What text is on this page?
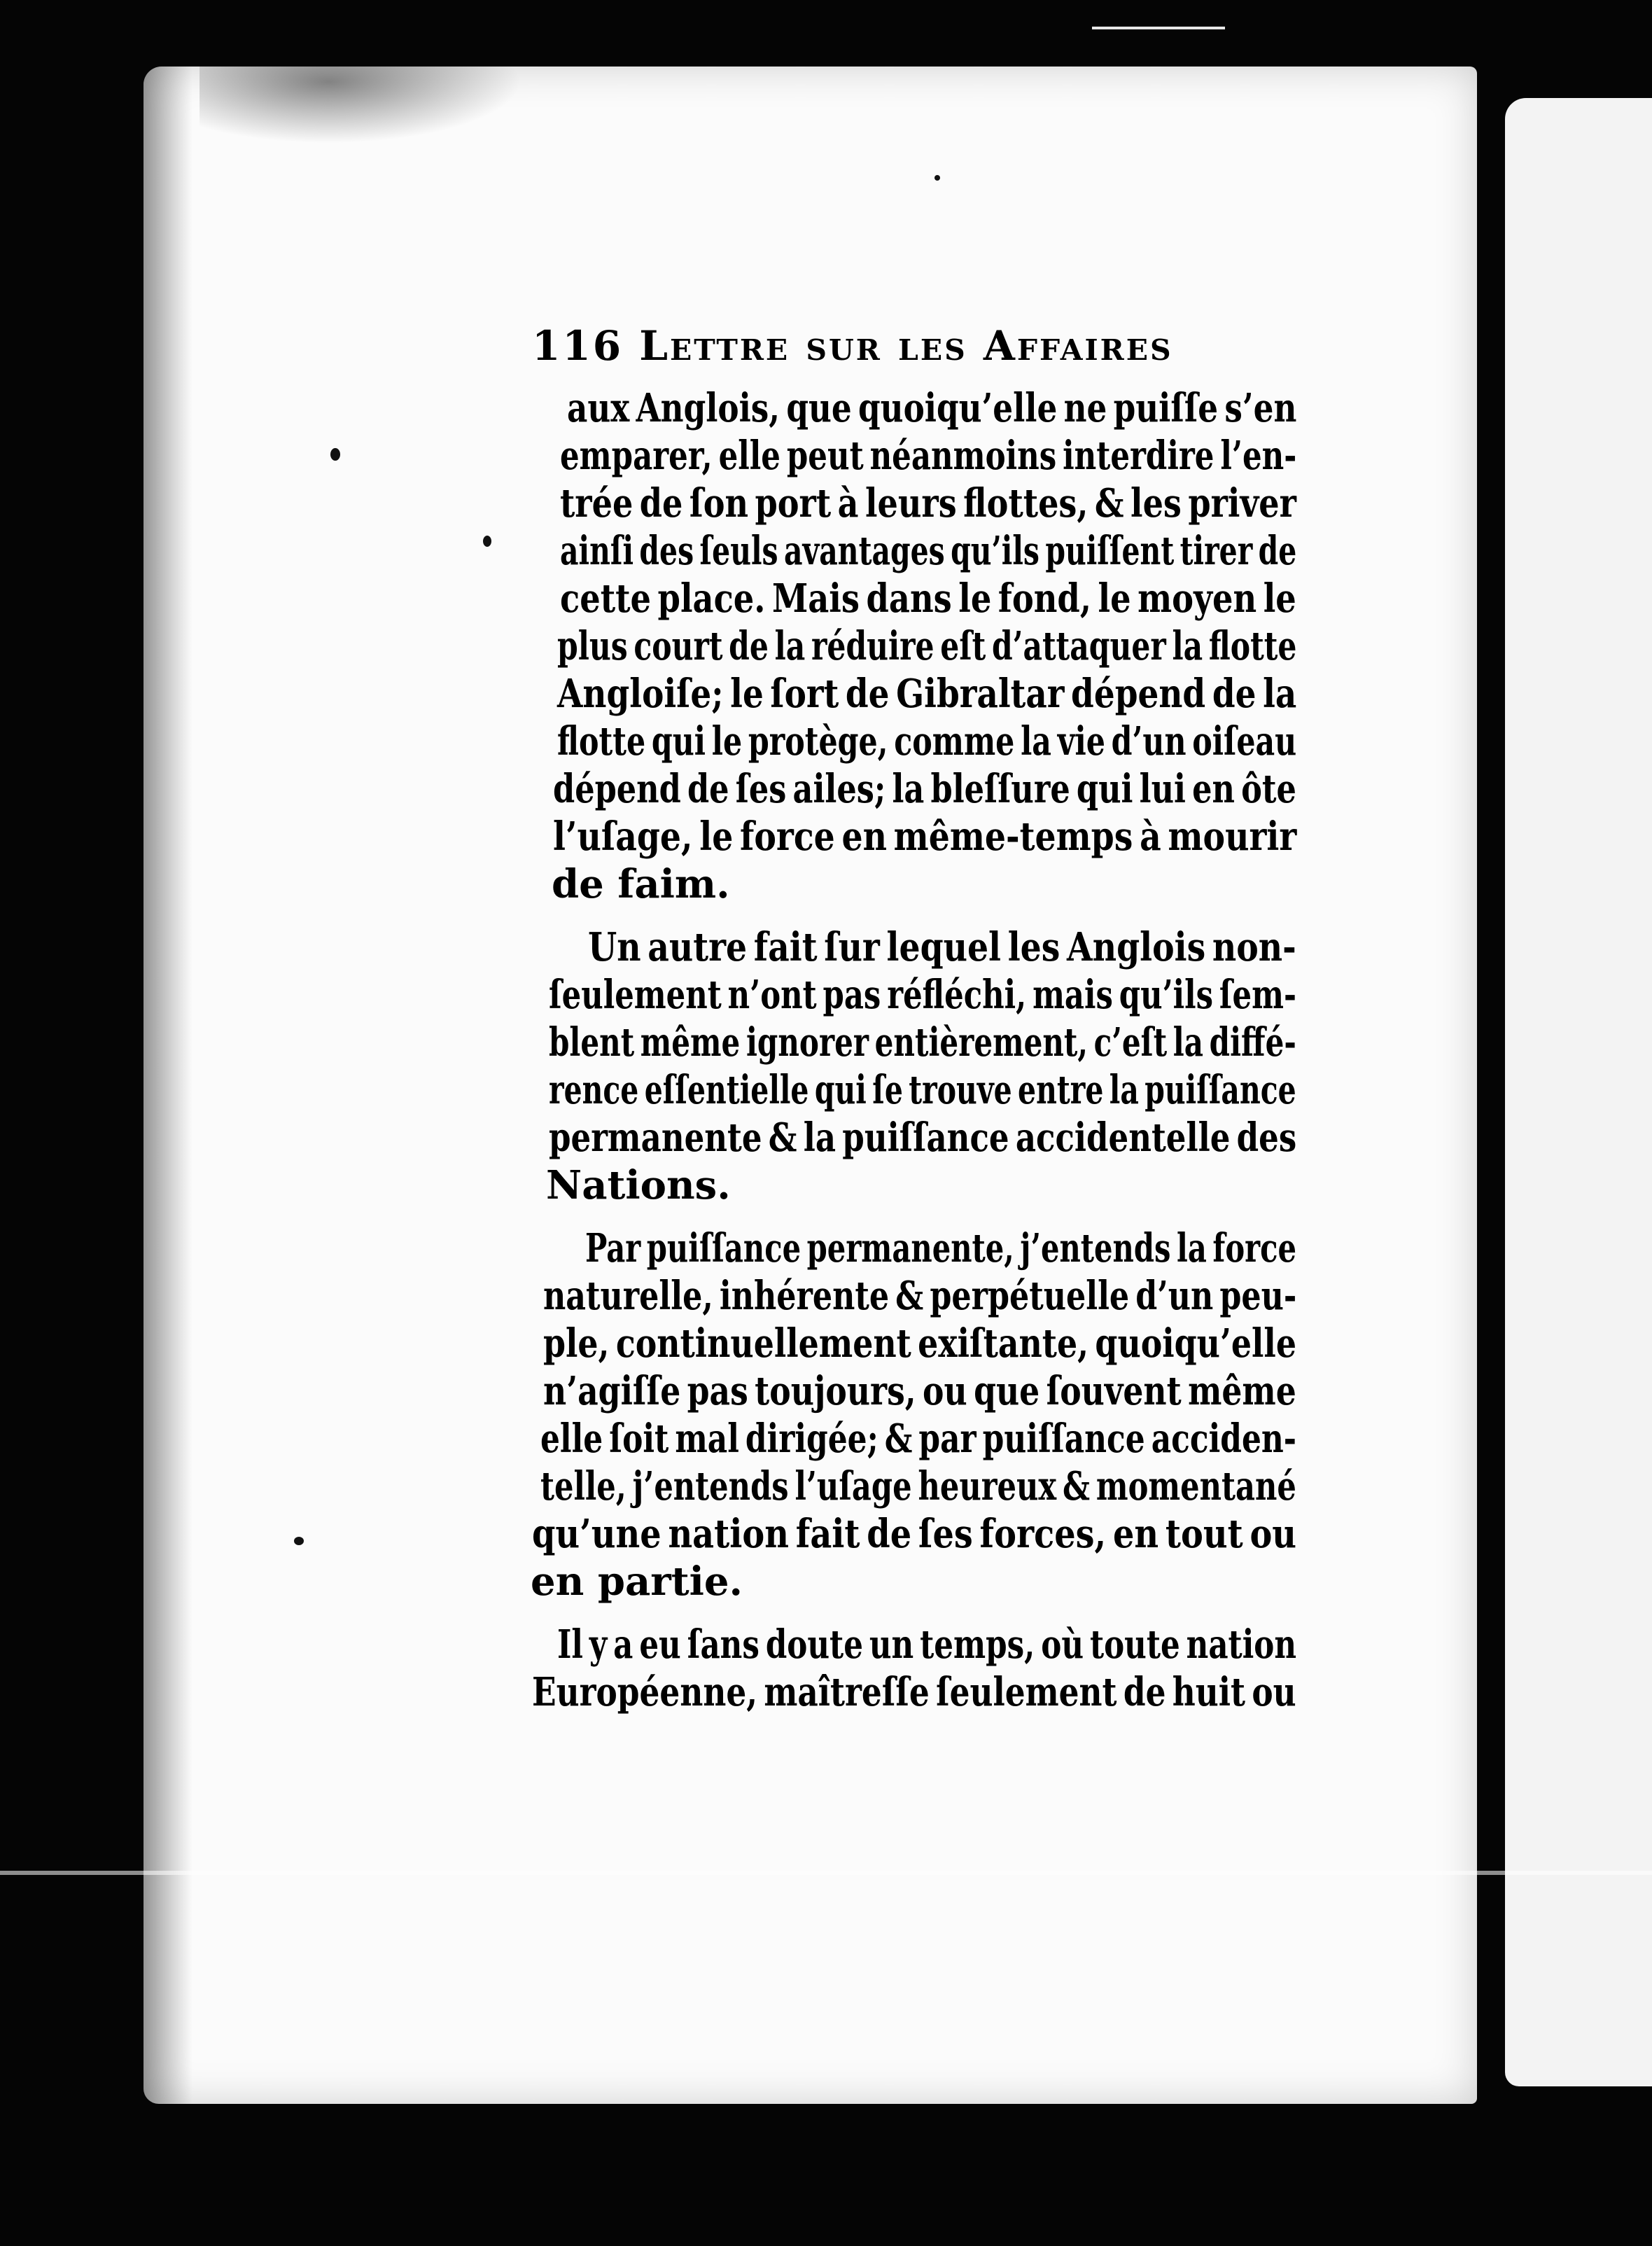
116 Lettre sur les Affaires
aux Anglois, que quoiqu’elle ne puiſſe s’en
emparer, elle peut néanmoins interdire l’en-
trée de ſon port à leurs flottes, & les priver
ainſi des ſeuls avantages qu’ils puiſſent tirer de
cette place. Mais dans le fond, le moyen le
plus court de la réduire eſt d’attaquer la flotte
Angloiſe; le ſort de Gibraltar dépend de la
flotte qui le protège, comme la vie d’un oiſeau
dépend de ſes ailes; la bleſſure qui lui en ôte
l’uſage, le force en même-temps à mourir
de faim.
Un autre fait ſur lequel les Anglois non-
ſeulement n’ont pas réfléchi, mais qu’ils ſem-
blent même ignorer entièrement, c’eſt la diffé-
rence eſſentielle qui ſe trouve entre la puiſſance
permanente & la puiſſance accidentelle des
Nations.
Par puiſſance permanente, j’entends la force
naturelle, inhérente & perpétuelle d’un peu-
ple, continuellement exiſtante, quoiqu’elle
n’agiſſe pas toujours, ou que ſouvent même
elle ſoit mal dirigée; & par puiſſance acciden-
telle, j’entends l’uſage heureux & momentané
qu’une nation fait de ſes forces, en tout ou
en partie.
Il y a eu ſans doute un temps, où toute nation
Européenne, maîtreſſe ſeulement de huit ou
